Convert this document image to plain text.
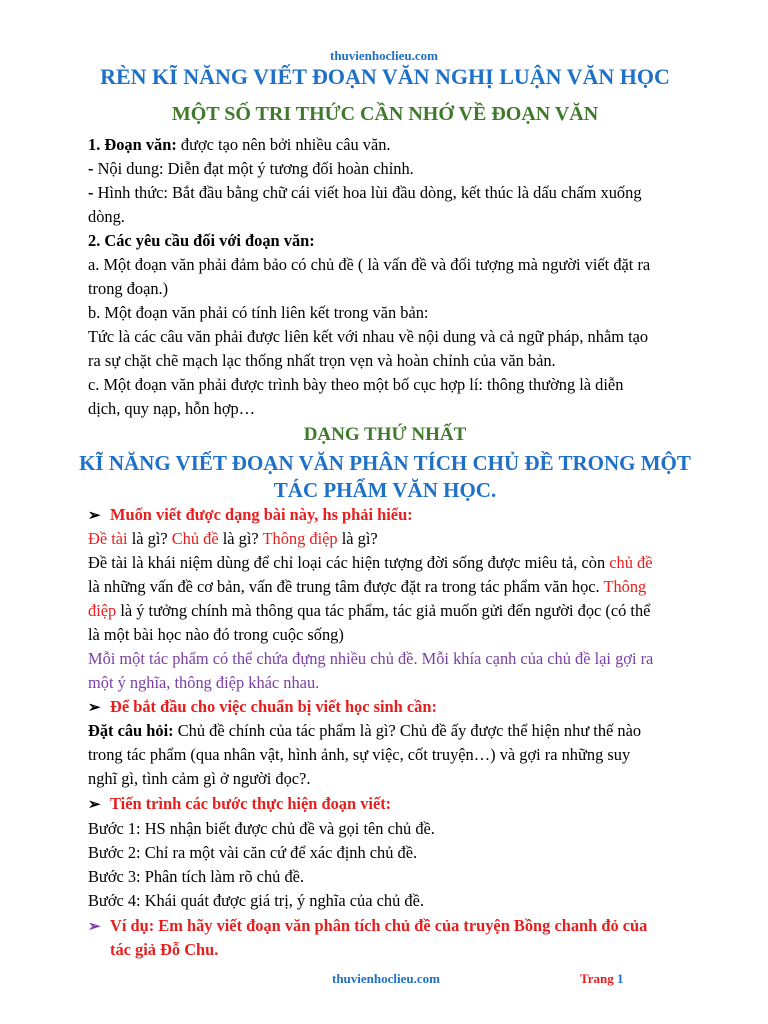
thuvienhoclieu.com
RÈN KĨ NĂNG VIẾT ĐOẠN VĂN NGHỊ LUẬN VĂN HỌC
MỘT SỐ TRI THỨC CẦN NHỚ VỀ ĐOẠN VĂN
1. Đoạn văn: được tạo nên bởi nhiều câu văn.
- Nội dung: Diễn đạt một ý tương đối hoàn chỉnh.
- Hình thức: Bắt đầu bằng chữ cái viết hoa lùi đầu dòng, kết thúc là dấu chấm xuống
dòng.
2. Các yêu cầu đối với đoạn văn:
a. Một đoạn văn phải đảm bảo có chủ đề ( là vấn đề và đối tượng mà người viết đặt ra
trong đoạn.)
b. Một đoạn văn phải có tính liên kết trong văn bản:
Tức là các câu văn phải được liên kết với nhau về nội dung và cả ngữ pháp, nhằm tạo
ra sự chặt chẽ mạch lạc thống nhất trọn vẹn và hoàn chỉnh của văn bản.
c. Một đoạn văn phải được trình bày theo một bố cục hợp lí: thông thường là diễn
dịch, quy nạp, hỗn hợp…
DẠNG THỨ NHẤT
KĨ NĂNG VIẾT ĐOẠN VĂN PHÂN TÍCH CHỦ ĐỀ TRONG MỘT
TÁC PHẨM VĂN HỌC.
➢ Muốn viết được dạng bài này, hs phải hiểu:
Đề tài là gì? Chủ đề là gì? Thông điệp là gì?
Đề tài là khái niệm dùng để chỉ loại các hiện tượng đời sống được miêu tả, còn chủ đề
là những vấn đề cơ bản, vấn đề trung tâm được đặt ra trong tác phẩm văn học. Thông
điệp là ý tưởng chính mà thông qua tác phẩm, tác giả muốn gửi đến người đọc (có thể
là một bài học nào đó trong cuộc sống)
Mỗi một tác phẩm có thể chứa đựng nhiều chủ đề. Mỗi khía cạnh của chủ đề lại gợi ra
một ý nghĩa, thông điệp khác nhau.
➢ Để bắt đầu cho việc chuẩn bị viết học sinh cần:
Đặt câu hỏi: Chủ đề chính của tác phẩm là gì? Chủ đề ấy được thể hiện như thế nào
trong tác phẩm (qua nhân vật, hình ảnh, sự việc, cốt truyện…) và gợi ra những suy
nghĩ gì, tình cảm gì ở người đọc?.
➢ Tiến trình các bước thực hiện đoạn viết:
Bước 1: HS nhận biết được chủ đề và gọi tên chủ đề.
Bước 2: Chỉ ra một vài căn cứ để xác định chủ đề.
Bước 3: Phân tích làm rõ chủ đề.
Bước 4: Khái quát được giá trị, ý nghĩa của chủ đề.
➢ Ví dụ: Em hãy viết đoạn văn phân tích chủ đề của truyện Bồng chanh đỏ của
tác giả Đỗ Chu.
thuvienhoclieu.com	Trang 1
